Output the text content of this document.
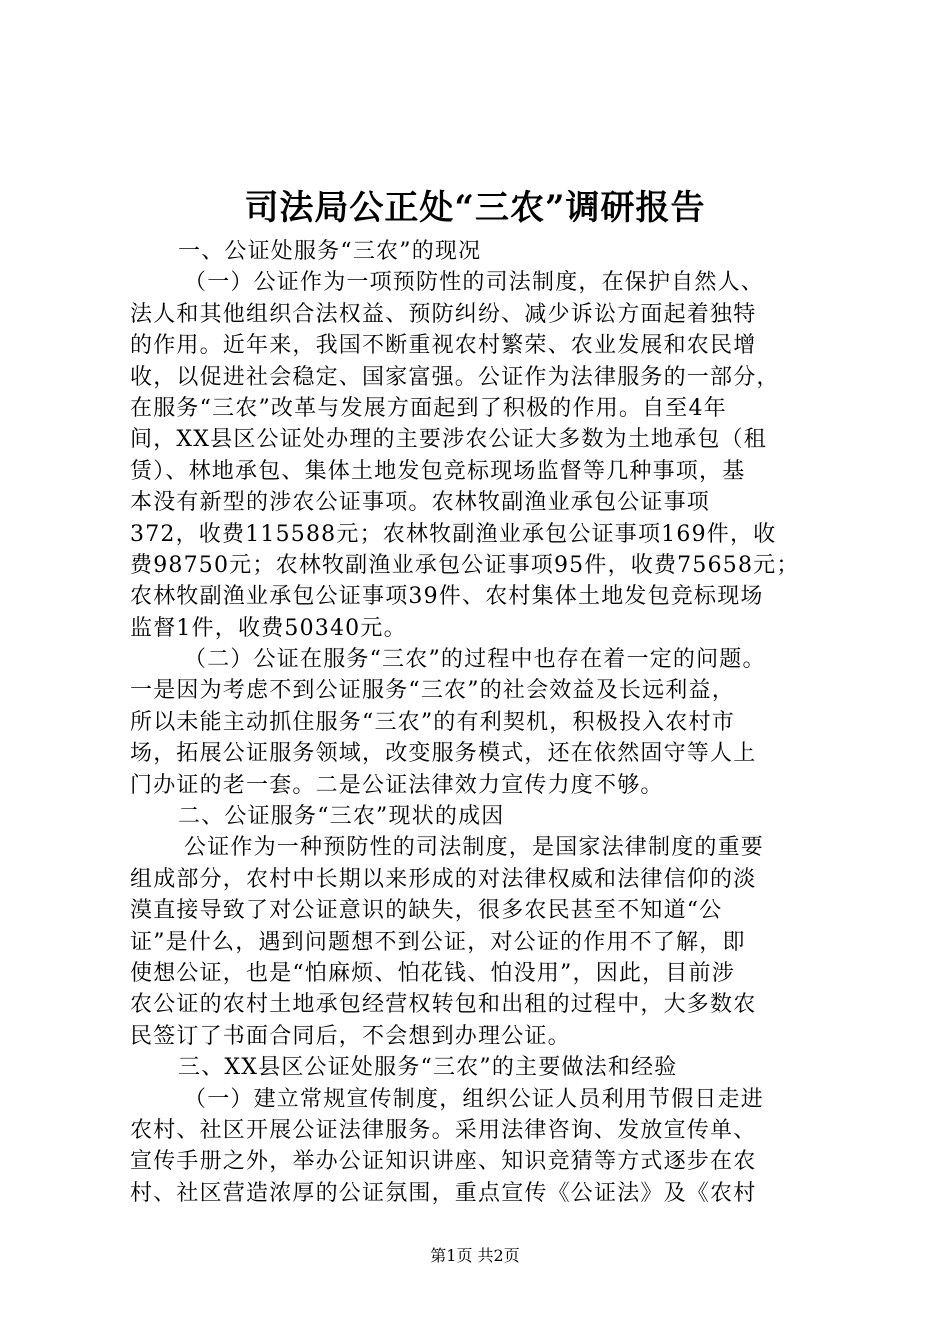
司法局公正处“三农”调研报告
一、公证处服务“三农”的现况
（一）公证作为一项预防性的司法制度，在保护自然人、
法人和其他组织合法权益、预防纠纷、减少诉讼方面起着独特
的作用。近年来，我国不断重视农村繁荣、农业发展和农民增
收，以促进社会稳定、国家富强。公证作为法律服务的一部分，
在服务“三农”改革与发展方面起到了积极的作用。自至4年
间，XX县区公证处办理的主要涉农公证大多数为土地承包（租
赁）、林地承包、集体土地发包竞标现场监督等几种事项，基
本没有新型的涉农公证事项。农林牧副渔业承包公证事项
372，收费115588元；农林牧副渔业承包公证事项169件，收
费98750元；农林牧副渔业承包公证事项95件，收费75658元；
农林牧副渔业承包公证事项39件、农村集体土地发包竞标现场
监督1件，收费50340元。
（二）公证在服务“三农”的过程中也存在着一定的问题。
一是因为考虑不到公证服务“三农”的社会效益及长远利益，
所以未能主动抓住服务“三农”的有利契机，积极投入农村市
场，拓展公证服务领域，改变服务模式，还在依然固守等人上
门办证的老一套。二是公证法律效力宣传力度不够。
二、公证服务“三农”现状的成因
公证作为一种预防性的司法制度，是国家法律制度的重要
组成部分，农村中长期以来形成的对法律权威和法律信仰的淡
漠直接导致了对公证意识的缺失，很多农民甚至不知道“公
证”是什么，遇到问题想不到公证，对公证的作用不了解，即
使想公证，也是“怕麻烦、怕花钱、怕没用”，因此，目前涉
农公证的农村土地承包经营权转包和出租的过程中，大多数农
民签订了书面合同后，不会想到办理公证。
三、XX县区公证处服务“三农”的主要做法和经验
（一）建立常规宣传制度，组织公证人员利用节假日走进
农村、社区开展公证法律服务。采用法律咨询、发放宣传单、
宣传手册之外，举办公证知识讲座、知识竞猜等方式逐步在农
村、社区营造浓厚的公证氛围，重点宣传《公证法》及《农村
第1页 共2页
